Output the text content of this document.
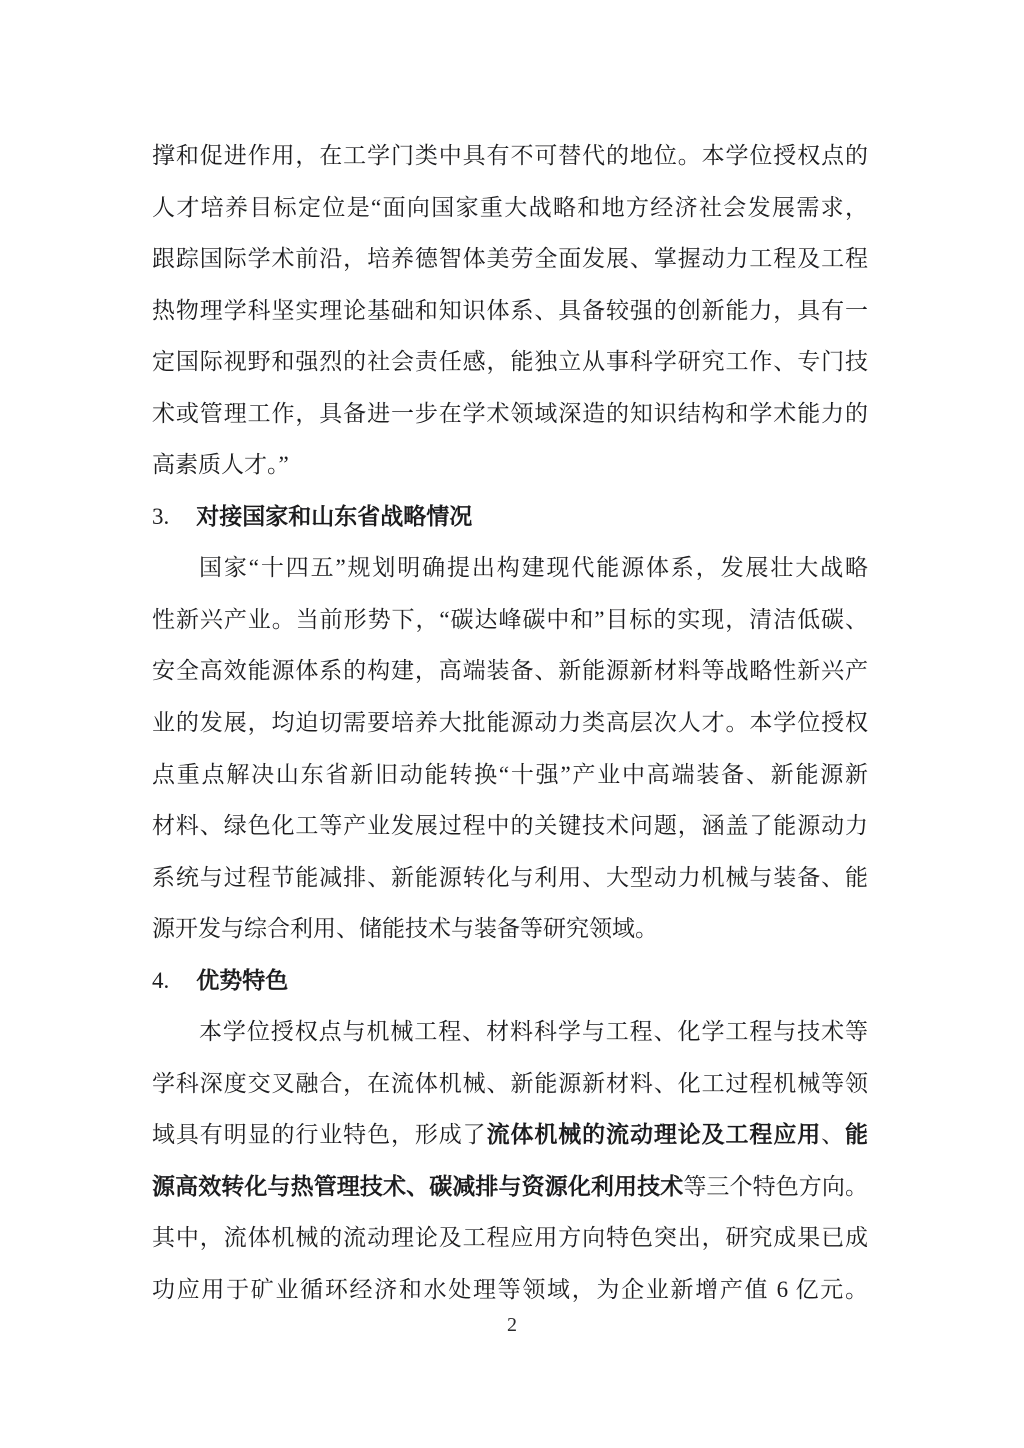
撑和促进作用，在工学门类中具有不可替代的地位。本学位授权点的
人才培养目标定位是“面向国家重大战略和地方经济社会发展需求，
跟踪国际学术前沿，培养德智体美劳全面发展、掌握动力工程及工程
热物理学科坚实理论基础和知识体系、具备较强的创新能力，具有一
定国际视野和强烈的社会责任感，能独立从事科学研究工作、专门技
术或管理工作，具备进一步在学术领域深造的知识结构和学术能力的
高素质人才。”
3. 对接国家和山东省战略情况
国家“十四五”规划明确提出构建现代能源体系，发展壮大战略
性新兴产业。当前形势下，“碳达峰碳中和”目标的实现，清洁低碳、
安全高效能源体系的构建，高端装备、新能源新材料等战略性新兴产
业的发展，均迫切需要培养大批能源动力类高层次人才。本学位授权
点重点解决山东省新旧动能转换“十强”产业中高端装备、新能源新
材料、绿色化工等产业发展过程中的关键技术问题，涵盖了能源动力
系统与过程节能减排、新能源转化与利用、大型动力机械与装备、能
源开发与综合利用、储能技术与装备等研究领域。
4. 优势特色
本学位授权点与机械工程、材料科学与工程、化学工程与技术等
学科深度交叉融合，在流体机械、新能源新材料、化工过程机械等领
域具有明显的行业特色，形成了流体机械的流动理论及工程应用、能
源高效转化与热管理技术、碳减排与资源化利用技术等三个特色方向。
其中，流体机械的流动理论及工程应用方向特色突出，研究成果已成
功应用于矿业循环经济和水处理等领域，为企业新增产值 6 亿元。
2
